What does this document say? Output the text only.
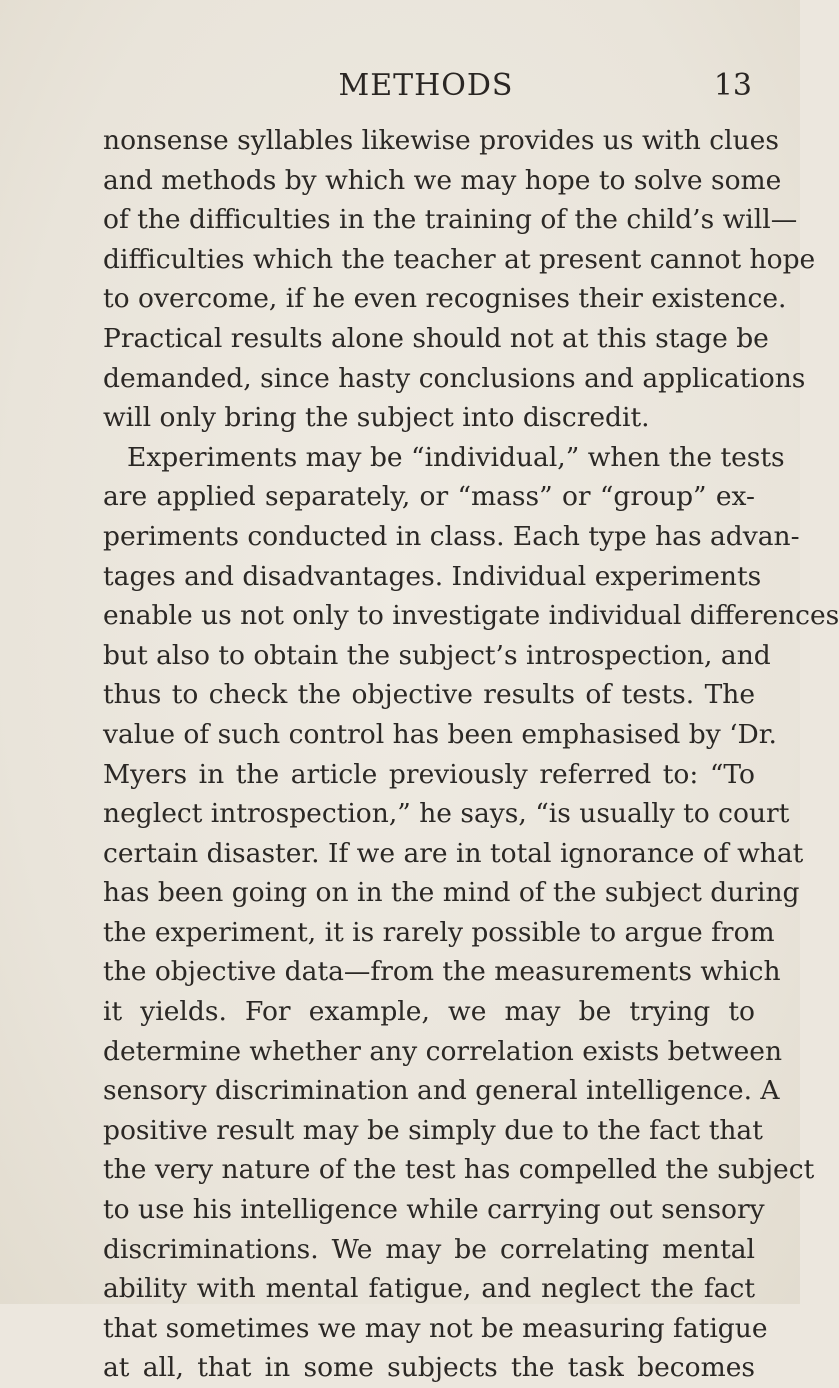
METHODS	13
nonsense syllables likewise provides us with clues
and methods by which we may hope to solve some
of the difficulties in the training of the child’s will—
difficulties which the teacher at present cannot hope
to overcome, if he even recognises their existence.
Practical results alone should not at this stage be
demanded, since hasty conclusions and applications
will only bring the subject into discredit.
Experiments may be “individual,” when the tests
are applied separately, or “mass” or “group” ex-
periments conducted in class. Each type has advan-
tages and disadvantages. Individual experiments
enable us not only to investigate individual differences
but also to obtain the subject’s introspection, and
thus to check the objective results of tests. The
value of such control has been emphasised by ‘Dr.
Myers in the article previously referred to: “To
neglect introspection,” he says, “is usually to court
certain disaster. If we are in total ignorance of what
has been going on in the mind of the subject during
the experiment, it is rarely possible to argue from
the objective data—from the measurements which
it yields. For example, we may be trying to
determine whether any correlation exists between
sensory discrimination and general intelligence. A
positive result may be simply due to the fact that
the very nature of the test has compelled the subject
to use his intelligence while carrying out sensory
discriminations. We may be correlating mental
ability with mental fatigue, and neglect the fact
that sometimes we may not be measuring fatigue
at all, that in some subjects the task becomes
